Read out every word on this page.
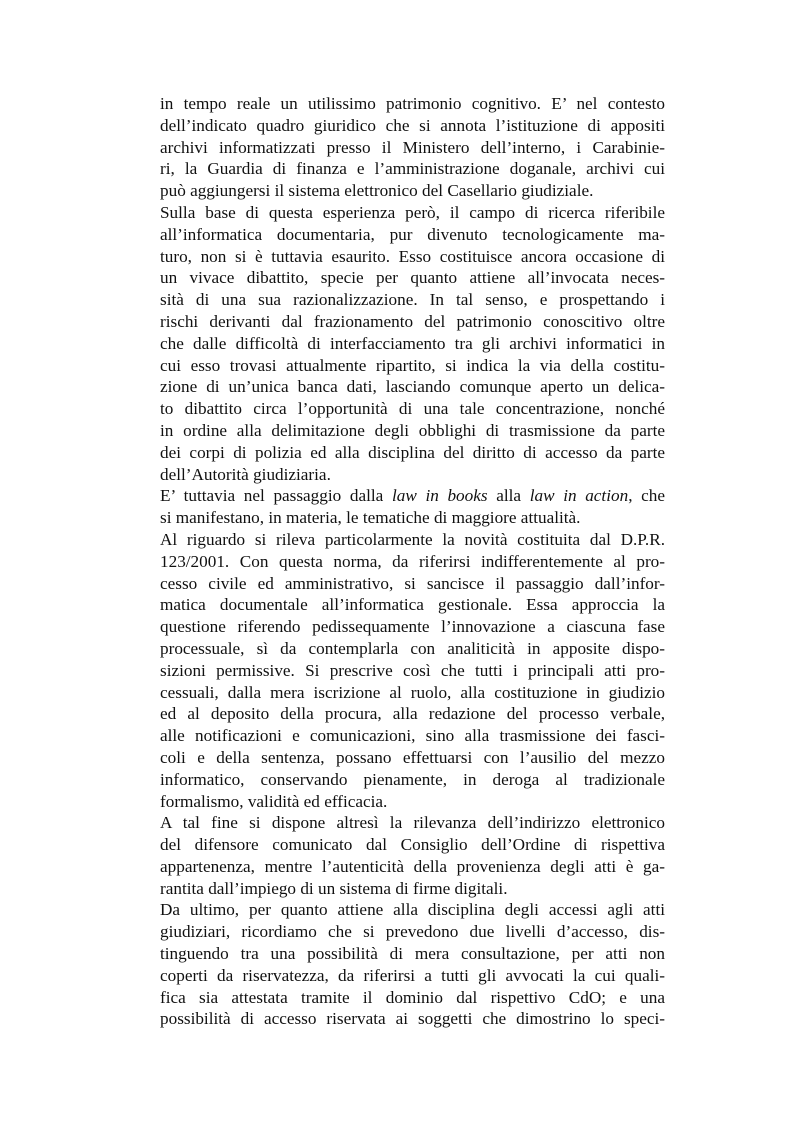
in tempo reale un utilissimo patrimonio cognitivo. E’ nel contesto
dell’indicato quadro giuridico che si annota l’istituzione di appositi
archivi informatizzati presso il Ministero dell’interno, i Carabinie-
ri, la Guardia di finanza e l’amministrazione doganale, archivi cui
può aggiungersi il sistema elettronico del Casellario giudiziale.
Sulla base di questa esperienza però, il campo di ricerca riferibile
all’informatica documentaria, pur divenuto tecnologicamente ma-
turo, non si è tuttavia esaurito. Esso costituisce ancora occasione di
un vivace dibattito, specie per quanto attiene all’invocata neces-
sità di una sua razionalizzazione. In tal senso, e prospettando i
rischi derivanti dal frazionamento del patrimonio conoscitivo oltre
che dalle difficoltà di interfacciamento tra gli archivi informatici in
cui esso trovasi attualmente ripartito, si indica la via della costitu-
zione di un’unica banca dati, lasciando comunque aperto un delica-
to dibattito circa l’opportunità di una tale concentrazione, nonché
in ordine alla delimitazione degli obblighi di trasmissione da parte
dei corpi di polizia ed alla disciplina del diritto di accesso da parte
dell’Autorità giudiziaria.
E’ tuttavia nel passaggio dalla law in books alla law in action, che
si manifestano, in materia, le tematiche di maggiore attualità.
Al riguardo si rileva particolarmente la novità costituita dal D.P.R.
123/2001. Con questa norma, da riferirsi indifferentemente al pro-
cesso civile ed amministrativo, si sancisce il passaggio dall’infor-
matica documentale all’informatica gestionale. Essa approccia la
questione riferendo pedissequamente l’innovazione a ciascuna fase
processuale, sì da contemplarla con analiticità in apposite dispo-
sizioni permissive. Si prescrive così che tutti i principali atti pro-
cessuali, dalla mera iscrizione al ruolo, alla costituzione in giudizio
ed al deposito della procura, alla redazione del processo verbale,
alle notificazioni e comunicazioni, sino alla trasmissione dei fasci-
coli e della sentenza, possano effettuarsi con l’ausilio del mezzo
informatico, conservando pienamente, in deroga al tradizionale
formalismo, validità ed efficacia.
A tal fine si dispone altresì la rilevanza dell’indirizzo elettronico
del difensore comunicato dal Consiglio dell’Ordine di rispettiva
appartenenza, mentre l’autenticità della provenienza degli atti è ga-
rantita dall’impiego di un sistema di firme digitali.
Da ultimo, per quanto attiene alla disciplina degli accessi agli atti
giudiziari, ricordiamo che si prevedono due livelli d’accesso, dis-
tinguendo tra una possibilità di mera consultazione, per atti non
coperti da riservatezza, da riferirsi a tutti gli avvocati la cui quali-
fica sia attestata tramite il dominio dal rispettivo CdO; e una
possibilità di accesso riservata ai soggetti che dimostrino lo speci-
